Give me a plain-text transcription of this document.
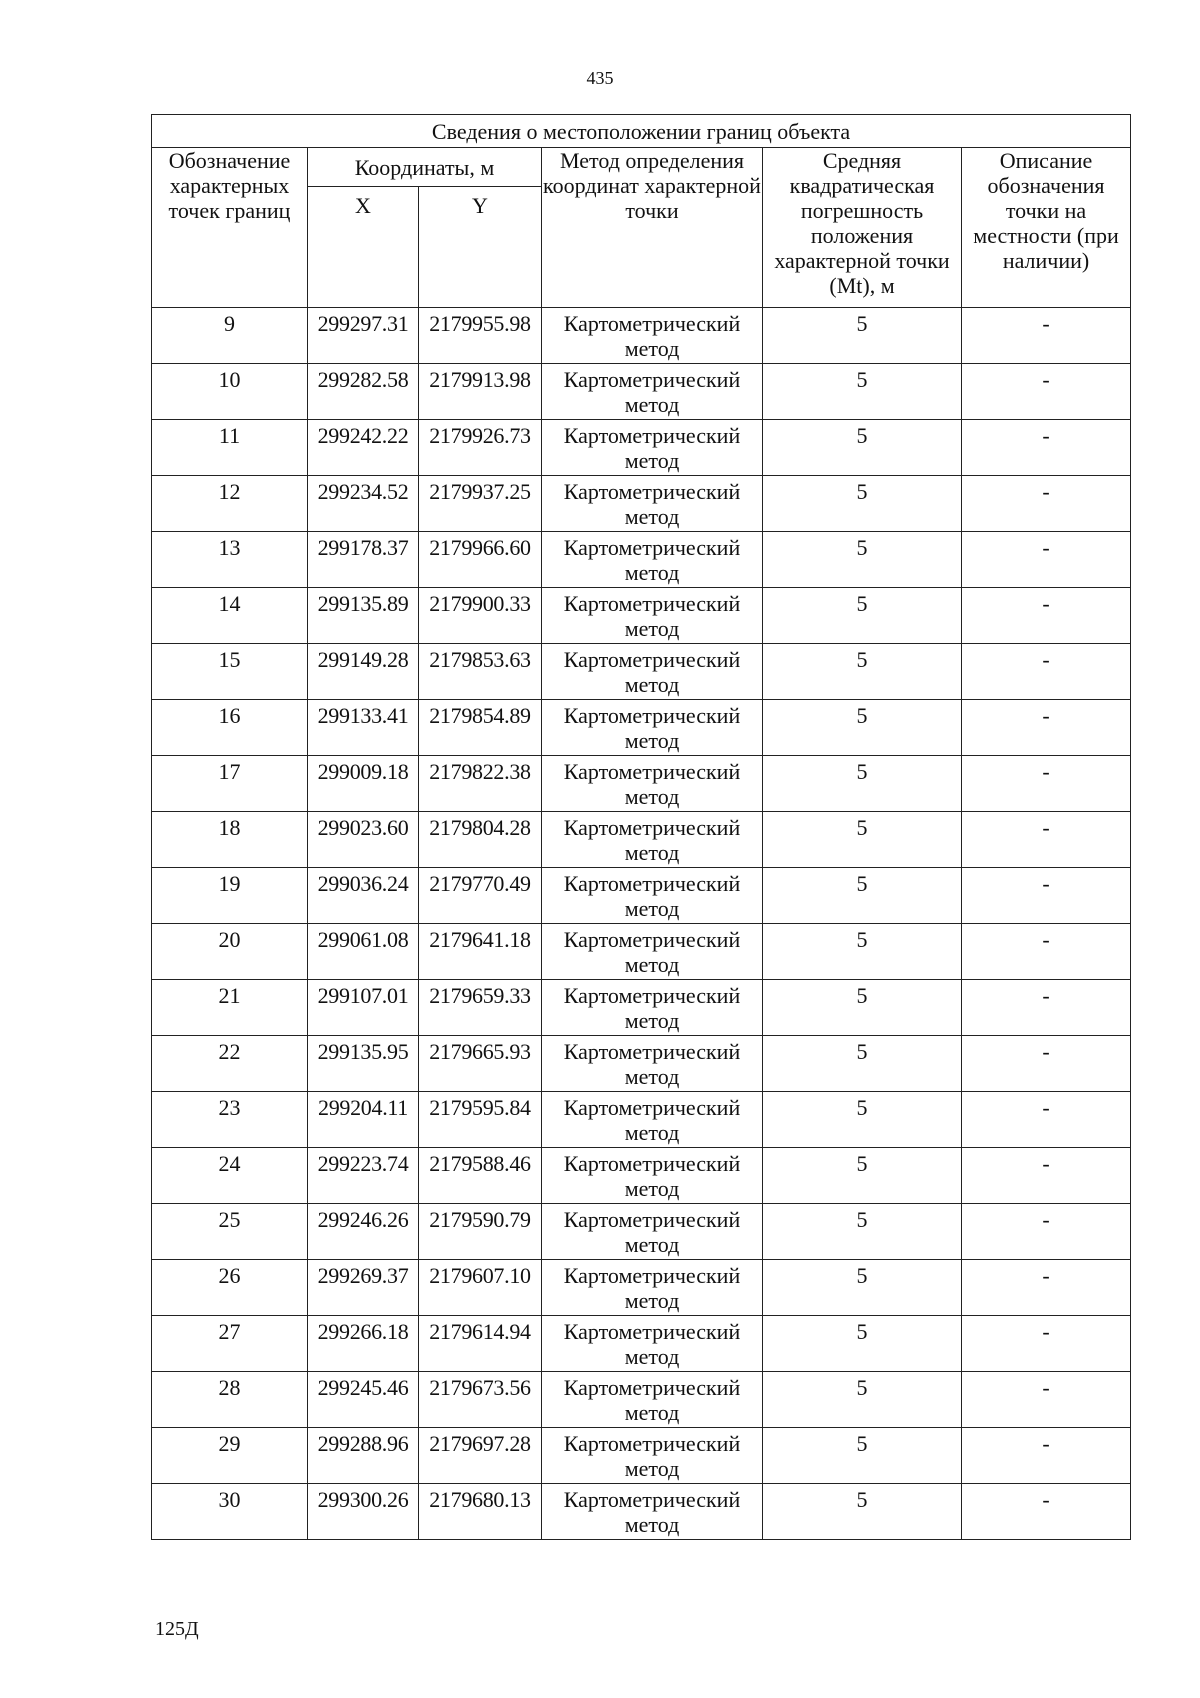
435
Сведения о местоположении границ объекта					
Обозначение характерных точек границ	Координаты, м		Метод определения координат характерной точки	Средняя квадратическая погрешность положения характерной точки (Mt), м	Описание обозначения точки на местности (при наличии)
	X	Y			
9	299297.31	2179955.98	Картометрический метод	5	-
10	299282.58	2179913.98	Картометрический метод	5	-
11	299242.22	2179926.73	Картометрический метод	5	-
12	299234.52	2179937.25	Картометрический метод	5	-
13	299178.37	2179966.60	Картометрический метод	5	-
14	299135.89	2179900.33	Картометрический метод	5	-
15	299149.28	2179853.63	Картометрический метод	5	-
16	299133.41	2179854.89	Картометрический метод	5	-
17	299009.18	2179822.38	Картометрический метод	5	-
18	299023.60	2179804.28	Картометрический метод	5	-
19	299036.24	2179770.49	Картометрический метод	5	-
20	299061.08	2179641.18	Картометрический метод	5	-
21	299107.01	2179659.33	Картометрический метод	5	-
22	299135.95	2179665.93	Картометрический метод	5	-
23	299204.11	2179595.84	Картометрический метод	5	-
24	299223.74	2179588.46	Картометрический метод	5	-
25	299246.26	2179590.79	Картометрический метод	5	-
26	299269.37	2179607.10	Картометрический метод	5	-
27	299266.18	2179614.94	Картометрический метод	5	-
28	299245.46	2179673.56	Картометрический метод	5	-
29	299288.96	2179697.28	Картометрический метод	5	-
30	299300.26	2179680.13	Картометрический метод	5	-
125Д
